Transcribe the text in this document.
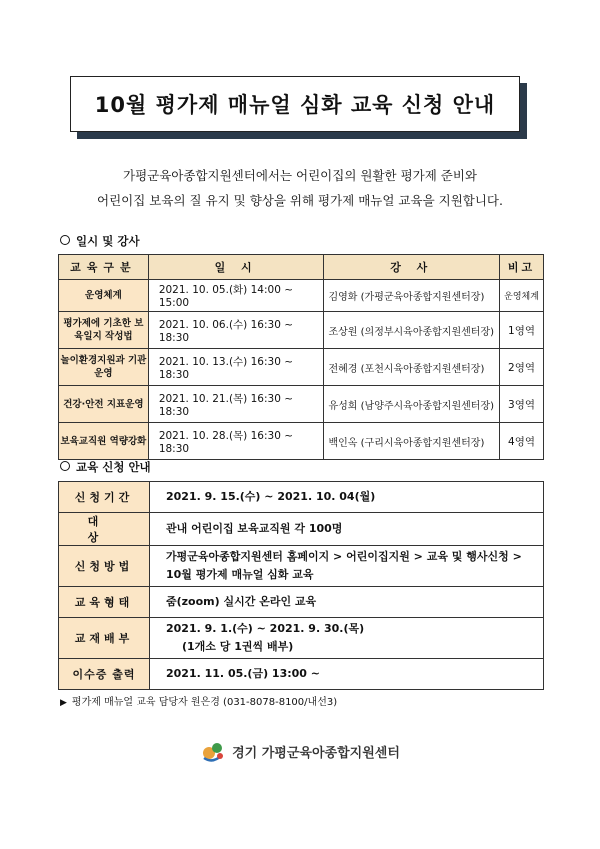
10월 평가제 매뉴얼 심화 교육 신청 안내
가평군육아종합지원센터에서는 어린이집의 원활한 평가제 준비와
어린이집 보육의 질 유지 및 향상을 위해 평가제 매뉴얼 교육을 지원합니다.
일시 및 강사
교육구분	일 시	강 사	비고
운영체계	2021. 10. 05.(화) 14:00 ~ 15:00	김영화 (가평군육아종합지원센터장)	운영체계
평가제에 기초한 보육일지 작성법	2021. 10. 06.(수) 16:30 ~ 18:30	조상원 (의정부시육아종합지원센터장)	1영역
놀이환경지원과 기관운영	2021. 10. 13.(수) 16:30 ~ 18:30	전혜경 (포천시육아종합지원센터장)	2영역
건강·안전 지표운영	2021. 10. 21.(목) 16:30 ~ 18:30	유성희 (남양주시육아종합지원센터장)	3영역
보육교직원 역량강화	2021. 10. 28.(목) 16:30 ~ 18:30	백인옥 (구리시육아종합지원센터장)	4영역
교육 신청 안내
신청기간	2021. 9. 15.(수) ~ 2021. 10. 04(월)
대 상	관내 어린이집 보육교직원 각 100명
신청방법	가평군육아종합지원센터 홈페이지 > 어린이집지원 > 교육 및 행사신청 >
10월 평가제 매뉴얼 심화 교육
교육형태	줌(zoom) 실시간 온라인 교육
교재배부	2021. 9. 1.(수) ~ 2021. 9. 30.(목)
(1개소 당 1권씩 배부)

이수증 출력	2021. 11. 05.(금) 13:00 ~
▶ 평가제 매뉴얼 교육 담당자 원은경 (031-8078-8100/내선3)
경기 가평군육아종합지원센터
